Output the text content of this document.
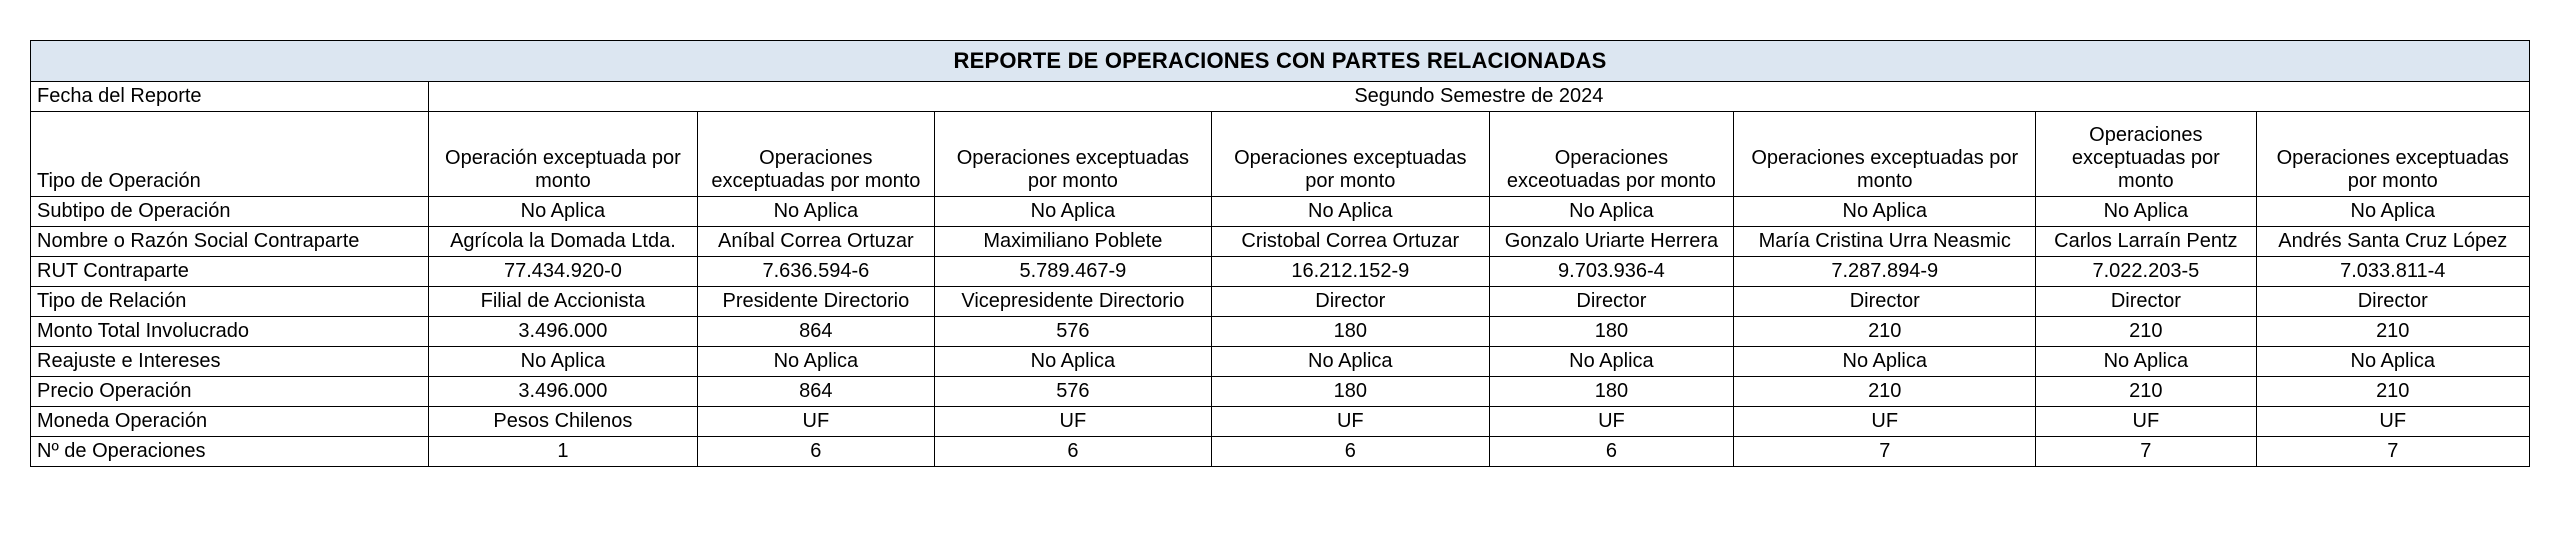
REPORTE DE OPERACIONES CON PARTES RELACIONADAS								
Fecha del Reporte	Segundo Semestre de 2024							
Tipo de Operación	Operación exceptuada por monto	Operaciones exceptuadas por monto	Operaciones exceptuadas por monto	Operaciones exceptuadas por monto	Operaciones exceotuadas por monto	Operaciones exceptuadas por monto	Operaciones exceptuadas por monto	Operaciones exceptuadas por monto
Subtipo de Operación	No Aplica	No Aplica	No Aplica	No Aplica	No Aplica	No Aplica	No Aplica	No Aplica
Nombre o Razón Social Contraparte	Agrícola la Domada Ltda.	Aníbal Correa Ortuzar	Maximiliano Poblete	Cristobal Correa Ortuzar	Gonzalo Uriarte Herrera	María Cristina Urra Neasmic	Carlos Larraín Pentz	Andrés Santa Cruz López
RUT Contraparte	77.434.920-0	7.636.594-6	5.789.467-9	16.212.152-9	9.703.936-4	7.287.894-9	7.022.203-5	7.033.811-4
Tipo de Relación	Filial de Accionista	Presidente Directorio	Vicepresidente Directorio	Director	Director	Director	Director	Director
Monto Total Involucrado	3.496.000	864	576	180	180	210	210	210
Reajuste e Intereses	No Aplica	No Aplica	No Aplica	No Aplica	No Aplica	No Aplica	No Aplica	No Aplica
Precio Operación	3.496.000	864	576	180	180	210	210	210
Moneda Operación	Pesos Chilenos	UF	UF	UF	UF	UF	UF	UF
Nº de Operaciones	1	6	6	6	6	7	7	7
